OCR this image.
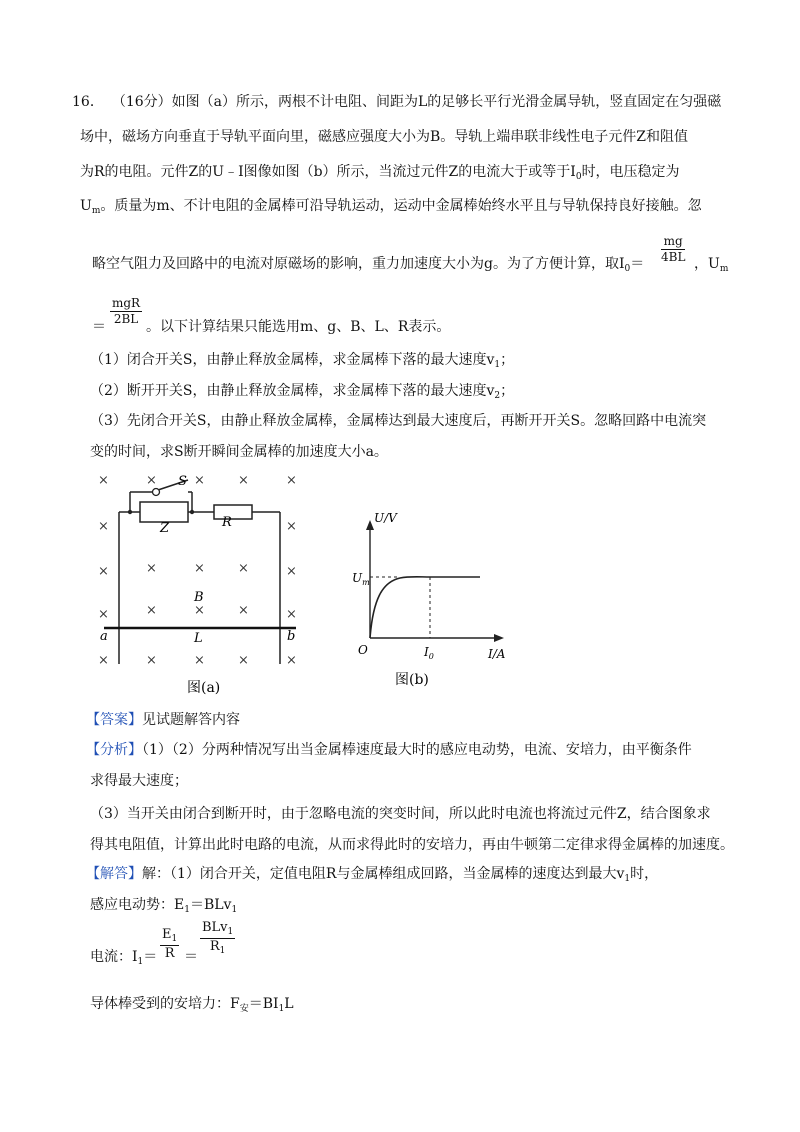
16． （16分）如图（a）所示，两根不计电阻、间距为L的足够长平行光滑金属导轨，竖直固定在匀强磁
场中，磁场方向垂直于导轨平面向里，磁感应强度大小为B。导轨上端串联非线性电子元件Z和阻值
为R的电阻。元件Z的U﹣I图像如图（b）所示，当流过元件Z的电流大于或等于$I_0$时，电压稳定为
$U_m$。质量为m、不计电阻的金属棒可沿导轨运动，运动中金属棒始终水平且与导轨保持良好接触。忽
略空气阻力及回路中的电流对原磁场的影响，重力加速度大小为g。为了方便计算，取$I_0=$
mg
4BL ，$U_m$
mgR
2BL
＝	。以下计算结果只能选用m、g、B、L、R表示。
（1）闭合开关S，由静止释放金属棒，求金属棒下落的最大速度$v_1$；
（2）断开开关S，由静止释放金属棒，求金属棒下落的最大速度$v_2$；
（3）先闭合开关S，由静止释放金属棒，金属棒达到最大速度后，再断开开关S。忽略回路中电流突
变的时间，求S断开瞬间金属棒的加速度大小a。
S
Z	R
B
L
a	b
×	×	×	×	×
×	×
×	×	×	×	×
×	×	×	×	×
×	×	×	×	×
图(a)
U/V
I/A
O
$U_m$
$I_0$
图(b)
【答案】见试题解答内容
【分析】（1）（2）分两种情况写出当金属棒速度最大时的感应电动势，电流、安培力，由平衡条件
求得最大速度；
（3）当开关由闭合到断开时，由于忽略电流的突变时间，所以此时电流也将流过元件Z，结合图象求
得其电阻值，计算出此时电路的电流，从而求得此时的安培力，再由牛顿第二定律求得金属棒的加速度。
【解答】解：（1）闭合开关，定值电阻R与金属棒组成回路，当金属棒的速度达到最大$v_1$时，
感应电动势：$E_1=BLv_1$
电流：$I_1=$
$E_1$
R ＝
BLv$_1$
$R_1$
导体棒受到的安培力：$F_安=BI_1L$
